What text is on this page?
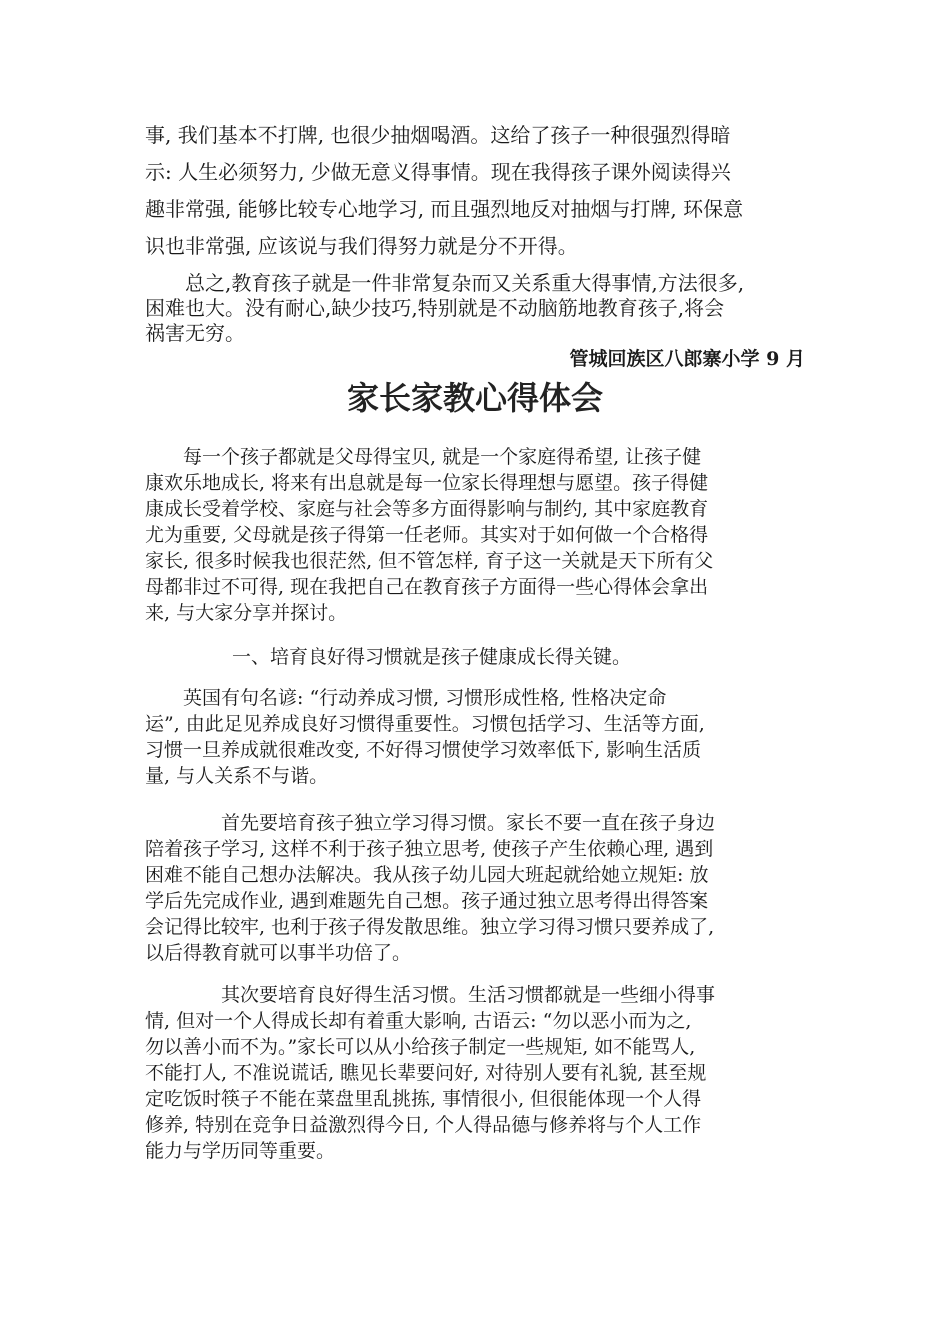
事, 我们基本不打牌, 也很少抽烟喝酒。这给了孩子一种很强烈得暗
示: 人生必须努力, 少做无意义得事情。现在我得孩子课外阅读得兴
趣非常强, 能够比较专心地学习, 而且强烈地反对抽烟与打牌, 环保意
识也非常强, 应该说与我们得努力就是分不开得。
　　总之,教育孩子就是一件非常复杂而又关系重大得事情,方法很多,
困难也大。没有耐心,缺少技巧,特别就是不动脑筋地教育孩子,将会
祸害无穷。
管城回族区八郎寨小学 9 月
家长家教心得体会
　　每一个孩子都就是父母得宝贝, 就是一个家庭得希望, 让孩子健
康欢乐地成长, 将来有出息就是每一位家长得理想与愿望。孩子得健
康成长受着学校、家庭与社会等多方面得影响与制约, 其中家庭教育
尤为重要, 父母就是孩子得第一任老师。其实对于如何做一个合格得
家长, 很多时候我也很茫然, 但不管怎样, 育子这一关就是天下所有父
母都非过不可得, 现在我把自己在教育孩子方面得一些心得体会拿出
来, 与大家分享并探讨。
一、培育良好得习惯就是孩子健康成长得关键。
　　英国有句名谚: “行动养成习惯, 习惯形成性格, 性格决定命
运”, 由此足见养成良好习惯得重要性。习惯包括学习、生活等方面,
习惯一旦养成就很难改变, 不好得习惯使学习效率低下, 影响生活质
量, 与人关系不与谐。
　　　　首先要培育孩子独立学习得习惯。家长不要一直在孩子身边
陪着孩子学习, 这样不利于孩子独立思考, 使孩子产生依赖心理, 遇到
困难不能自己想办法解决。我从孩子幼儿园大班起就给她立规矩: 放
学后先完成作业, 遇到难题先自己想。孩子通过独立思考得出得答案
会记得比较牢, 也利于孩子得发散思维。独立学习得习惯只要养成了,
以后得教育就可以事半功倍了。
　　　　其次要培育良好得生活习惯。生活习惯都就是一些细小得事
情, 但对一个人得成长却有着重大影响, 古语云: “勿以恶小而为之,
勿以善小而不为。”家长可以从小给孩子制定一些规矩, 如不能骂人,
不能打人, 不准说谎话, 瞧见长辈要问好, 对待别人要有礼貌, 甚至规
定吃饭时筷子不能在菜盘里乱挑拣, 事情很小, 但很能体现一个人得
修养, 特别在竞争日益激烈得今日, 个人得品德与修养将与个人工作
能力与学历同等重要。
